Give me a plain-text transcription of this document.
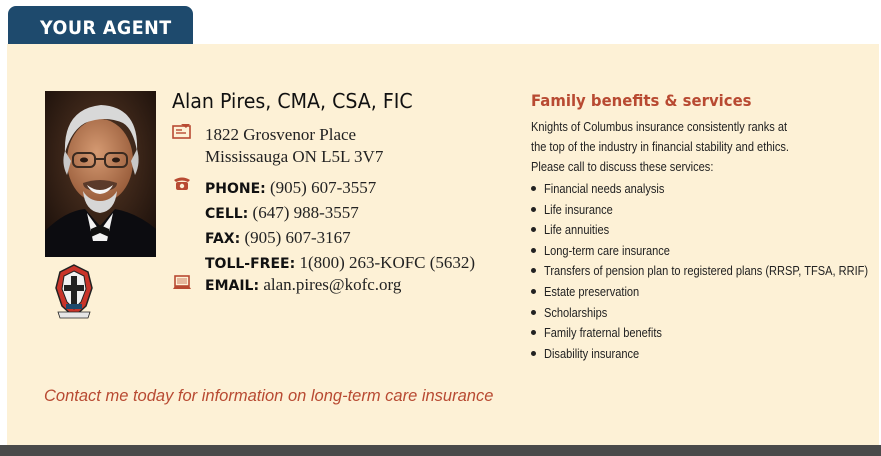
YOUR AGENT
Alan Pires, CMA, CSA, FIC
1822 Grosvenor Place
Mississauga ON L5L 3V7
PHONE: (905) 607-3557
CELL: (647) 988-3557
FAX: (905) 607-3167
TOLL-FREE: 1(800) 263-KOFC (5632)
EMAIL: alan.pires@kofc.org
Family benefits & services
Knights of Columbus insurance consistently ranks at
the top of the industry in financial stability and ethics.
Please call to discuss these services:
Financial needs analysis
Life insurance
Life annuities
Long-term care insurance
Transfers of pension plan to registered plans (RRSP, TFSA, RRIF)
Estate preservation
Scholarships
Family fraternal benefits
Disability insurance
Contact me today for information on long-term care insurance
